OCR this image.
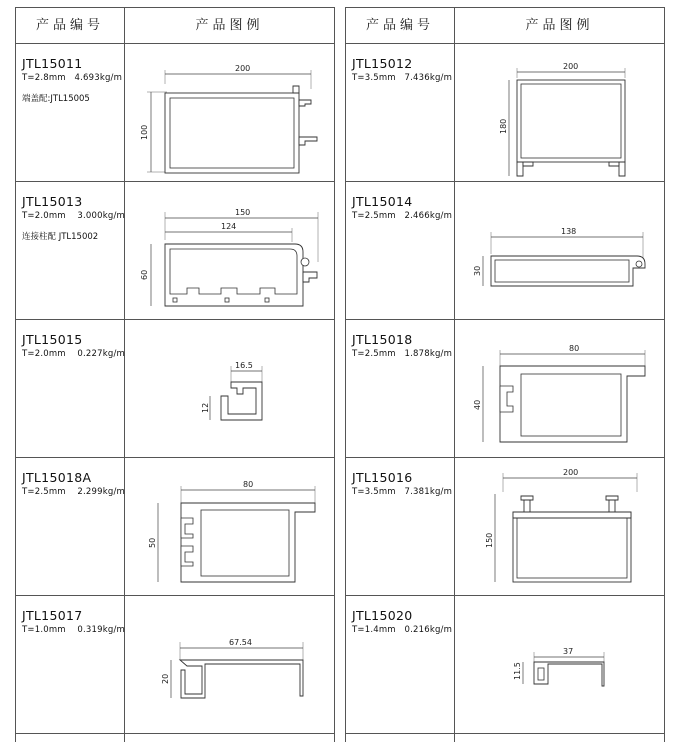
产品编号	产品图例
JTL15011
T=2.8mm   4.693kg/m
端盖配:JTL15005
200
100
JTL15013
T=2.0mm    3.000kg/m
连接柱配 JTL15002
150
124
60
JTL15015
T=2.0mm    0.227kg/m
16.5
12
JTL15018A
T=2.5mm    2.299kg/m
80
50
JTL15017
T=1.0mm    0.319kg/m
67.54
20
产品编号	产品图例
JTL15012
T=3.5mm   7.436kg/m
200
180
JTL15014
T=2.5mm   2.466kg/m
138
30
JTL15018
T=2.5mm   1.878kg/m
80
40
JTL15016
T=3.5mm   7.381kg/m
200
150
JTL15020
T=1.4mm   0.216kg/m
37
11.5
